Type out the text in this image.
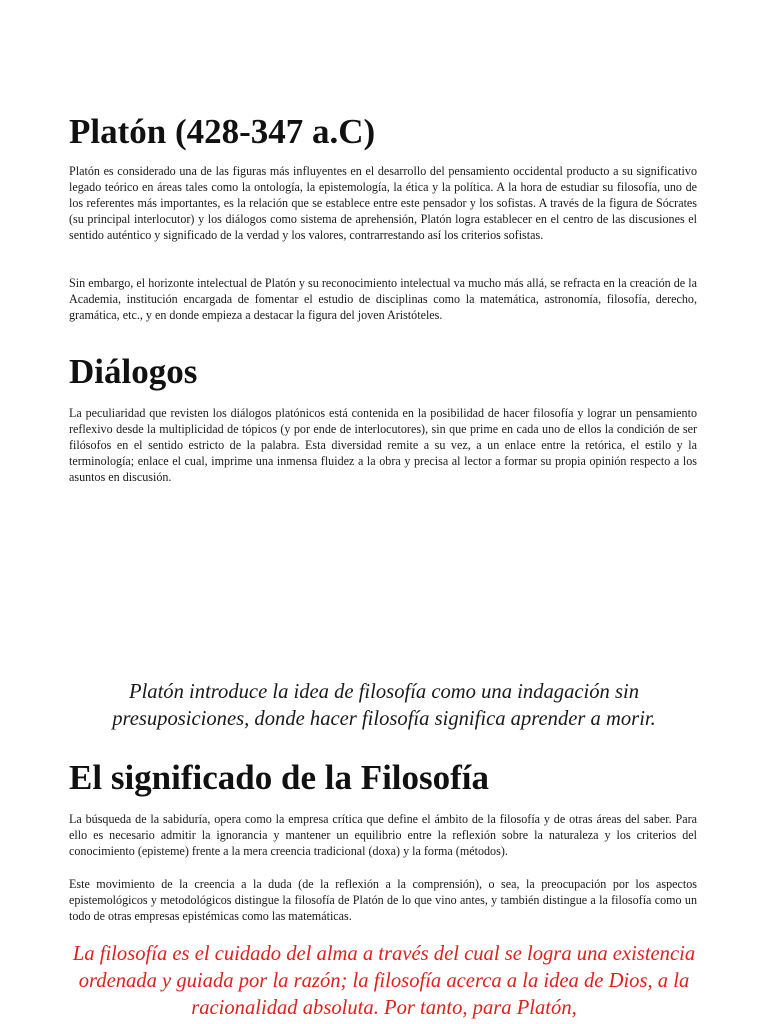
Platón (428-347 a.C)

Platón es considerado una de las figuras más influyentes en el desarrollo del pensamiento occidental producto a su significativo legado teórico en áreas tales como la ontología, la epistemología, la ética y la política. A la hora de estudiar su filosofía, uno de los referentes más importantes, es la relación que se establece entre este pensador y los sofistas. A través de la figura de Sócrates (su principal interlocutor) y los diálogos como sistema de aprehensión, Platón logra establecer en el centro de las discusiones el sentido auténtico y significado de la verdad y los valores, contrarrestando así los criterios sofistas.

Sin embargo, el horizonte intelectual de Platón y su reconocimiento intelectual va mucho más allá, se refracta en la creación de la Academia, institución encargada de fomentar el estudio de disciplinas como la matemática, astronomía, filosofía, derecho, gramática, etc., y en donde empieza a destacar la figura del joven Aristóteles.

Diálogos

La peculiaridad que revisten los diálogos platónicos está contenida en la posibilidad de hacer filosofía y lograr un pensamiento reflexivo desde la multiplicidad de tópicos (y por ende de interlocutores), sin que prime en cada uno de ellos la condición de ser filósofos en el sentido estricto de la palabra. Esta diversidad remite a su vez, a un enlace entre la retórica, el estilo y la terminología; enlace el cual, imprime una inmensa fluidez a la obra y precisa al lector a formar su propia opinión respecto a los asuntos en discusión.

Platón introduce la idea de filosofía como una indagación sin presuposiciones, donde hacer filosofía significa aprender a morir.

El significado de la Filosofía

La búsqueda de la sabiduría, opera como la empresa crítica que define el ámbito de la filosofía y de otras áreas del saber. Para ello es necesario admitir la ignorancia y mantener un equilibrio entre la reflexión sobre la naturaleza y los criterios del conocimiento (episteme) frente a la mera creencia tradicional (doxa) y la forma (métodos).

Este movimiento de la creencia a la duda (de la reflexión a la comprensión), o sea, la preocupación por los aspectos epistemológicos y metodológicos distingue la filosofía de Platón de lo que vino antes, y también distingue a la filosofía como un todo de otras empresas epistémicas como las matemáticas.

La filosofía es el cuidado del alma a través del cual se logra una existencia ordenada y guiada por la razón; la filosofía acerca a la idea de Dios, a la racionalidad absoluta. Por tanto, para Platón,
